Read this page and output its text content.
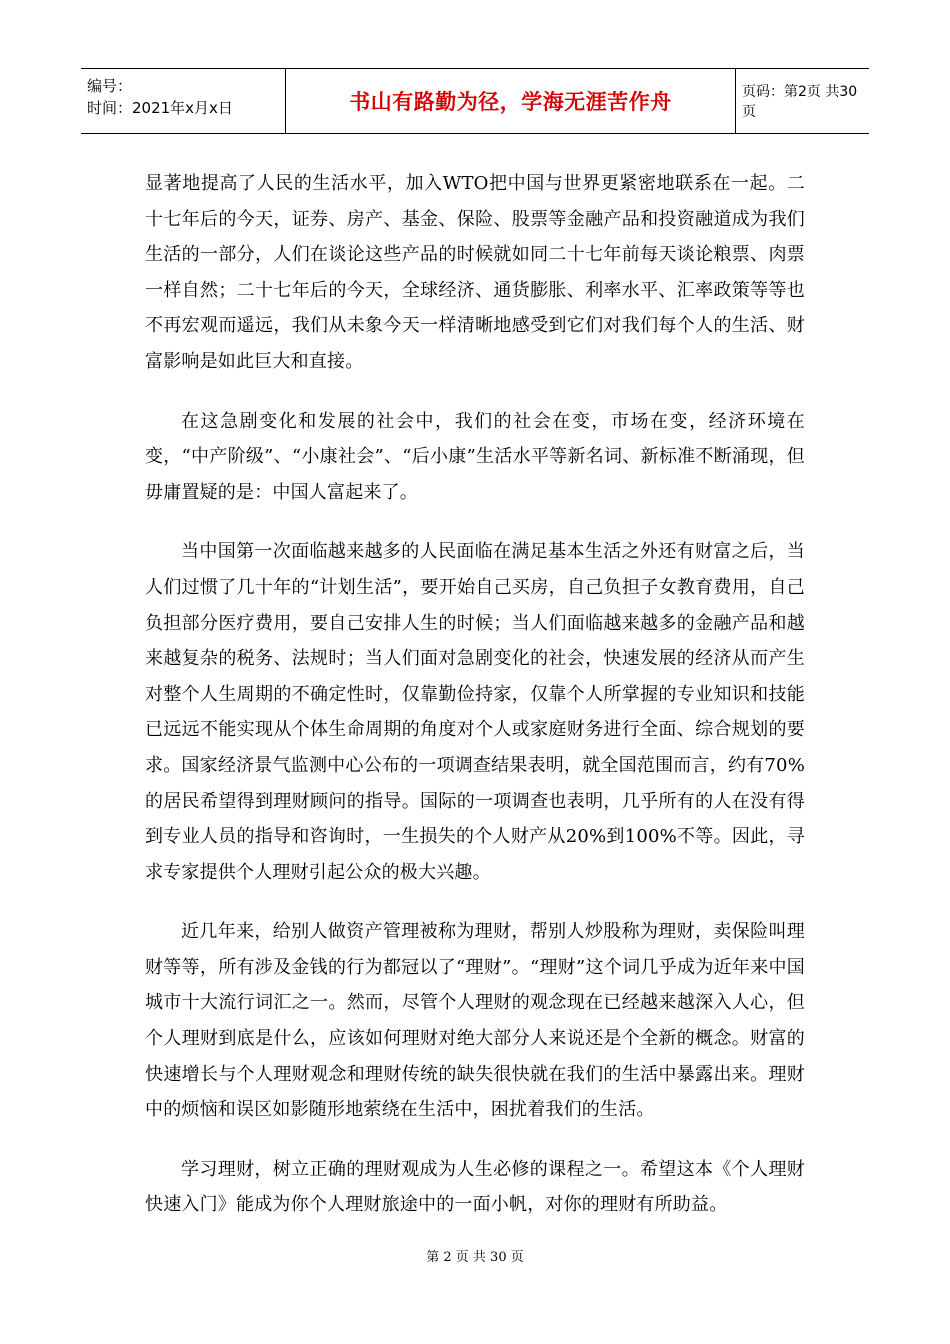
编号：
时间：2021年x月x日	书山有路勤为径，学海无涯苦作舟	页码：第2页 共30页

显著地提高了人民的生活水平，加入WTO把中国与世界更紧密地联系在一起。二十七年后的今天，证券、房产、基金、保险、股票等金融产品和投资融道成为我们生活的一部分，人们在谈论这些产品的时候就如同二十七年前每天谈论粮票、肉票一样自然；二十七年后的今天，全球经济、通货膨胀、利率水平、汇率政策等等也不再宏观而遥远，我们从未象今天一样清晰地感受到它们对我们每个人的生活、财富影响是如此巨大和直接。

在这急剧变化和发展的社会中，我们的社会在变，市场在变，经济环境在变，“中产阶级”、“小康社会”、“后小康”生活水平等新名词、新标准不断涌现，但毋庸置疑的是：中国人富起来了。

当中国第一次面临越来越多的人民面临在满足基本生活之外还有财富之后，当人们过惯了几十年的“计划生活”，要开始自己买房，自己负担子女教育费用，自己负担部分医疗费用，要自己安排人生的时候；当人们面临越来越多的金融产品和越来越复杂的税务、法规时；当人们面对急剧变化的社会，快速发展的经济从而产生对整个人生周期的不确定性时，仅靠勤俭持家，仅靠个人所掌握的专业知识和技能已远远不能实现从个体生命周期的角度对个人或家庭财务进行全面、综合规划的要求。国家经济景气监测中心公布的一项调查结果表明，就全国范围而言，约有70%的居民希望得到理财顾问的指导。国际的一项调查也表明，几乎所有的人在没有得到专业人员的指导和咨询时，一生损失的个人财产从20%到100%不等。因此，寻求专家提供个人理财引起公众的极大兴趣。

近几年来，给别人做资产管理被称为理财，帮别人炒股称为理财，卖保险叫理财等等，所有涉及金钱的行为都冠以了“理财”。“理财”这个词几乎成为近年来中国城市十大流行词汇之一。然而，尽管个人理财的观念现在已经越来越深入人心，但个人理财到底是什么，应该如何理财对绝大部分人来说还是个全新的概念。财富的快速增长与个人理财观念和理财传统的缺失很快就在我们的生活中暴露出来。理财中的烦恼和误区如影随形地萦绕在生活中，困扰着我们的生活。

学习理财，树立正确的理财观成为人生必修的课程之一。希望这本《个人理财快速入门》能成为你个人理财旅途中的一面小帆，对你的理财有所助益。

第 2 页 共 30 页
